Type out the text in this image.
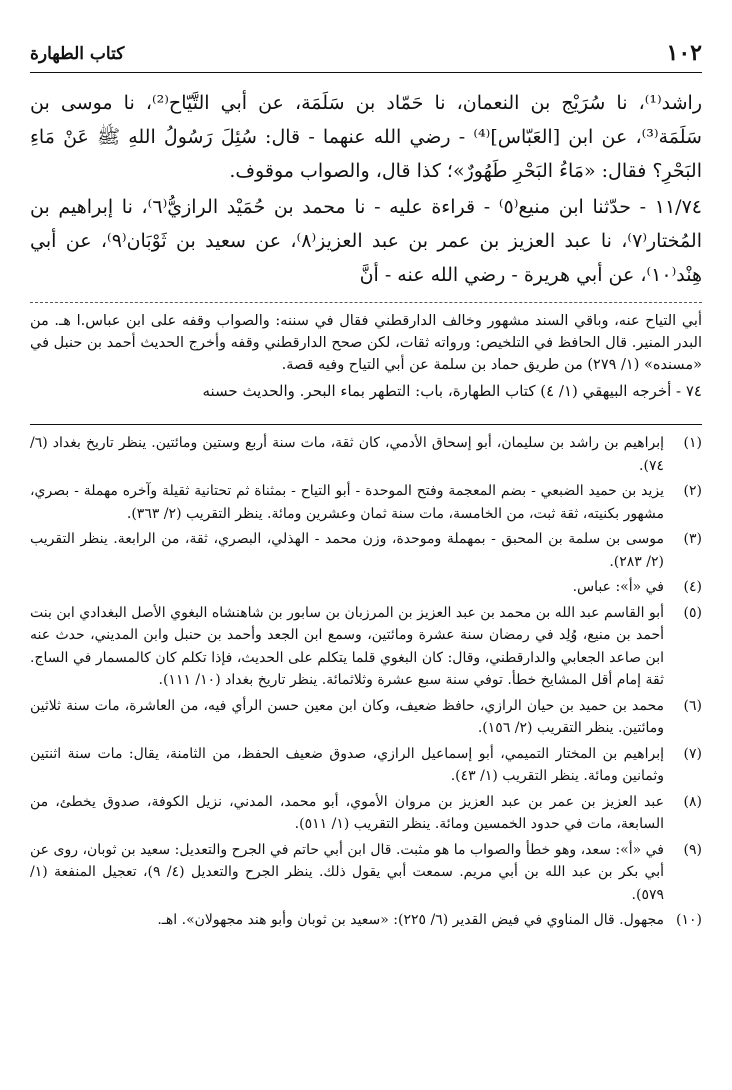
١٠٢
كتاب الطهارة

راشد⁽¹⁾، نا سُرَيْج بن النعمان، نا حَمّاد بن سَلَمَة، عن أبي التَّيّاح⁽²⁾، نا موسى بن سَلَمَة⁽³⁾، عن ابن [العَبّاس]⁽⁴⁾ - رضي الله عنهما - قال: سُئِلَ رَسُولُ اللهِ ﷺ عَنْ مَاءِ البَحْرِ؟ فقال: «مَاءُ البَحْرِ طَهُورٌ»؛ كذا قال، والصواب موقوف.

١١/٧٤ - حدّثنا ابن منيع⁽٥⁾ - قراءة عليه - نا محمد بن حُمَيْد الرازيُّ⁽٦⁾، نا إبراهيم بن المُختار⁽٧⁾، نا عبد العزيز بن عمر بن عبد العزيز⁽٨⁾، عن سعيد بن ثَوْبَان⁽٩⁾، عن أبي هِنْد⁽١٠⁾، عن أبي هريرة - رضي الله عنه - أنَّ

أبي التياح عنه، وباقي السند مشهور وخالف الدارقطني فقال في سننه: والصواب وقفه على ابن عباس.ا هـ. من البدر المنير. قال الحافظ في التلخيص: ورواته ثقات، لكن صحح الدارقطني وقفه وأخرج الحديث أحمد بن حنبل في «مسنده» (١/ ٢٧٩) من طريق حماد بن سلمة عن أبي التياح وفيه قصة.

٧٤ - أخرجه البيهقي (١/ ٤) كتاب الطهارة، باب: التطهر بماء البحر. والحديث حسنه

(١)
إبراهيم بن راشد بن سليمان، أبو إسحاق الأدمي، كان ثقة، مات سنة أربع وستين ومائتين. ينظر تاريخ بغداد (٦/ ٧٤).
(٢)
يزيد بن حميد الضبعي - بضم المعجمة وفتح الموحدة - أبو التياح - بمثناة ثم تحتانية ثقيلة وآخره مهملة - بصري، مشهور بكنيته، ثقة ثبت، من الخامسة، مات سنة ثمان وعشرين ومائة. ينظر التقريب (٢/ ٣٦٣).
(٣)
موسى بن سلمة بن المحبق - بمهملة وموحدة، وزن محمد - الهذلي، البصري، ثقة، من الرابعة. ينظر التقريب (٢/ ٢٨٣).
(٤)
في «أ»: عباس.
(٥)
أبو القاسم عبد الله بن محمد بن عبد العزيز بن المرزبان بن سابور بن شاهنشاه البغوي الأصل البغدادي ابن بنت أحمد بن منيع، وُلِد في رمضان سنة عشرة ومائتين، وسمع ابن الجعد وأحمد بن حنبل وابن المديني، حدث عنه ابن صاعد الجعابي والدارقطني، وقال: كان البغوي قلما يتكلم على الحديث، فإذا تكلم كان كالمسمار في الساج. ثقة إمام أقل المشايخ خطأ. توفي سنة سبع عشرة وثلاثمائة. ينظر تاريخ بغداد (١٠/ ١١١).
(٦)
محمد بن حميد بن حيان الرازي، حافظ ضعيف، وكان ابن معين حسن الرأي فيه، من العاشرة، مات سنة ثلاثين ومائتين. ينظر التقريب (٢/ ١٥٦).
(٧)
إبراهيم بن المختار التميمي، أبو إسماعيل الرازي، صدوق ضعيف الحفظ، من الثامنة، يقال: مات سنة اثنتين وثمانين ومائة. ينظر التقريب (١/ ٤٣).
(٨)
عبد العزيز بن عمر بن عبد العزيز بن مروان الأموي، أبو محمد، المدني، نزيل الكوفة، صدوق يخطئ، من السابعة، مات في حدود الخمسين ومائة. ينظر التقريب (١/ ٥١١).
(٩)
في «أ»: سعد، وهو خطأ والصواب ما هو مثبت. قال ابن أبي حاتم في الجرح والتعديل: سعيد بن ثوبان، روى عن أبي بكر بن عبد الله بن أبي مريم. سمعت أبي يقول ذلك. ينظر الجرح والتعديل (٤/ ٩)، تعجيل المنفعة (١/ ٥٧٩).
(١٠)
مجهول. قال المناوي في فيض القدير (٦/ ٢٢٥): «سعيد بن ثوبان وأبو هند مجهولان». اهـ.
